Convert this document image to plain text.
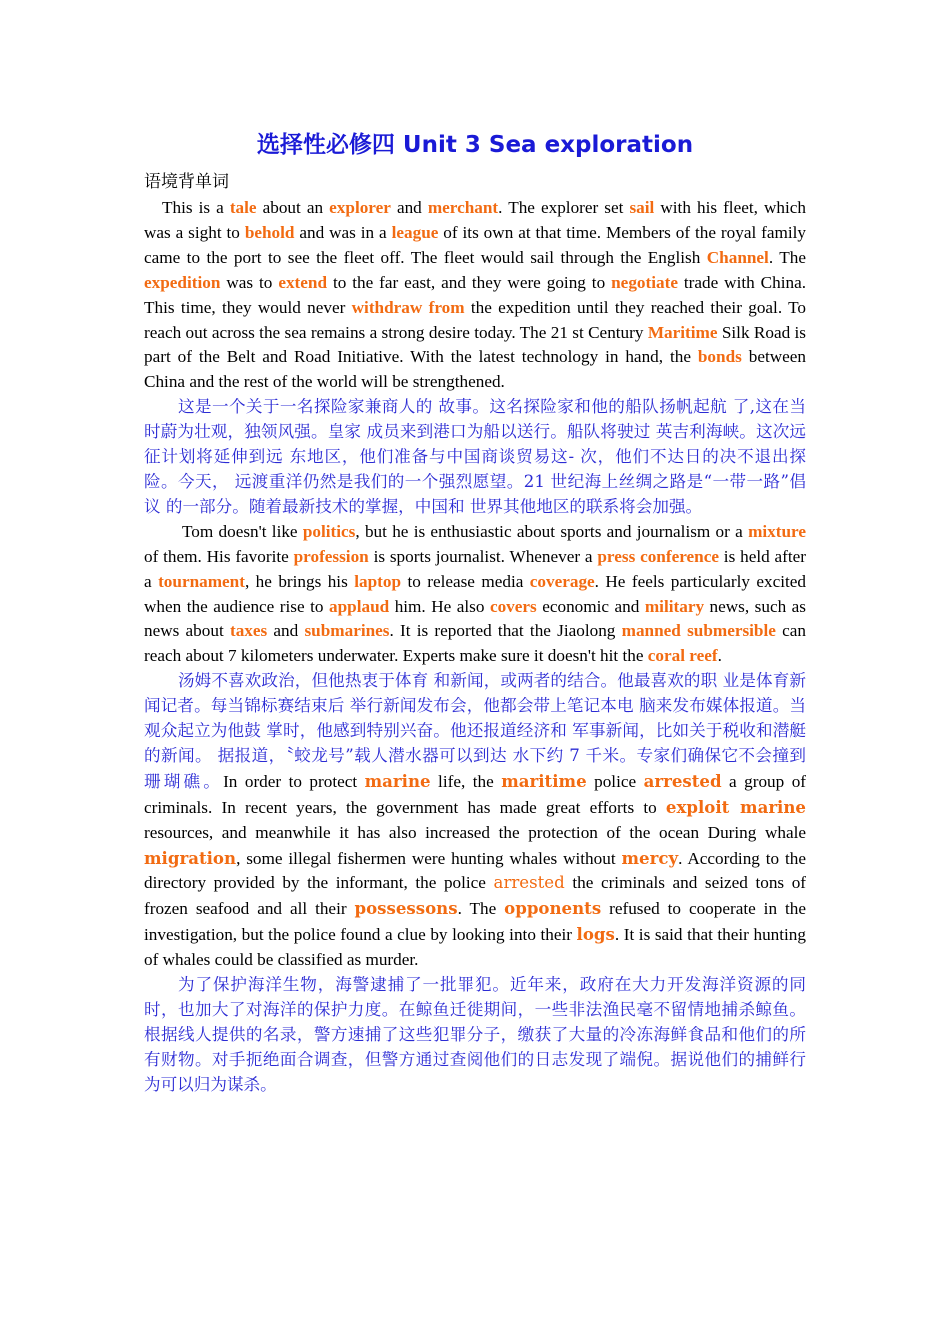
选择性必修四 Unit 3 Sea exploration
语境背单词

This is a tale about an explorer and merchant. The explorer set sail with his fleet, which was a sight to behold and was in a league of its own at that time. Members of the royal family came to the port to see the fleet off. The fleet would sail through the English Channel. The expedition was to extend to the far east, and they were going to negotiate trade with China. This time, they would never withdraw from the expedition until they reached their goal. To reach out across the sea remains a strong desire today. The 21 st Century Maritime Silk Road is part of the Belt and Road Initiative. With the latest technology in hand, the bonds between China and the rest of the world will be strengthened.

这是一个关于一名探险家兼商人的 故事。这名探险家和他的船队扬帆起航 了,这在当时蔚为壮观，独领风强。皇家 成员来到港口为船以送行。船队将驶过 英吉利海峡。这次远征计划将延伸到远 东地区，他们准备与中国商谈贸易这- 次，他们不达日的决不退出探险。今天， 远渡重洋仍然是我们的一个强烈愿望。21 世纪海上丝绸之路是“一带一路”倡议 的一部分。随着最新技术的掌握，中国和 世界其他地区的联系将会加强。

Tom doesn't like politics, but he is enthusiastic about sports and journalism or a mixture of them. His favorite profession is sports journalist. Whenever a press conference is held after a tournament, he brings his laptop to release media coverage. He feels particularly excited when the audience rise to applaud him. He also covers economic and military news, such as news about taxes and submarines. It is reported that the Jiaolong manned submersible can reach about 7 kilometers underwater. Experts make sure it doesn't hit the coral reef.

汤姆不喜欢政治，但他热衷于体育 和新闻，或两者的结合。他最喜欢的职 业是体育新闻记者。每当锦标赛结束后 举行新闻发布会，他都会带上笔记本电 脑来发布媒体报道。当观众起立为他鼓 掌时，他感到特别兴奋。他还报道经济和 军事新闻，比如关于税收和潜艇的新闻。 据报道，〝蛟龙号”载人潜水器可以到达 水下约 7 千米。专家们确保它不会撞到 珊瑚礁。In order to protect marine life, the maritime police arrested a group of criminals. In recent years, the government has made great efforts to exploit marine resources, and meanwhile it has also increased the protection of the ocean During whale migration, some illegal fishermen were hunting whales without mercy. According to the directory provided by the informant, the police arrested the criminals and seized tons of frozen seafood and all their possessons. The opponents refused to cooperate in the investigation, but the police found a clue by looking into their logs. It is said that their hunting of whales could be classified as murder.

为了保护海洋生物，海警逮捕了一批罪犯。近年来，政府在大力开发海洋资源的同时，也加大了对海洋的保护力度。在鲸鱼迁徙期间，一些非法渔民毫不留情地捕杀鲸鱼。根据线人提供的名录，警方速捕了这些犯罪分子，缴获了大量的冷冻海鲜食品和他们的所有财物。对手扼绝面合调查，但警方通过查阅他们的日志发现了端倪。据说他们的捕鲜行为可以归为谋杀。
